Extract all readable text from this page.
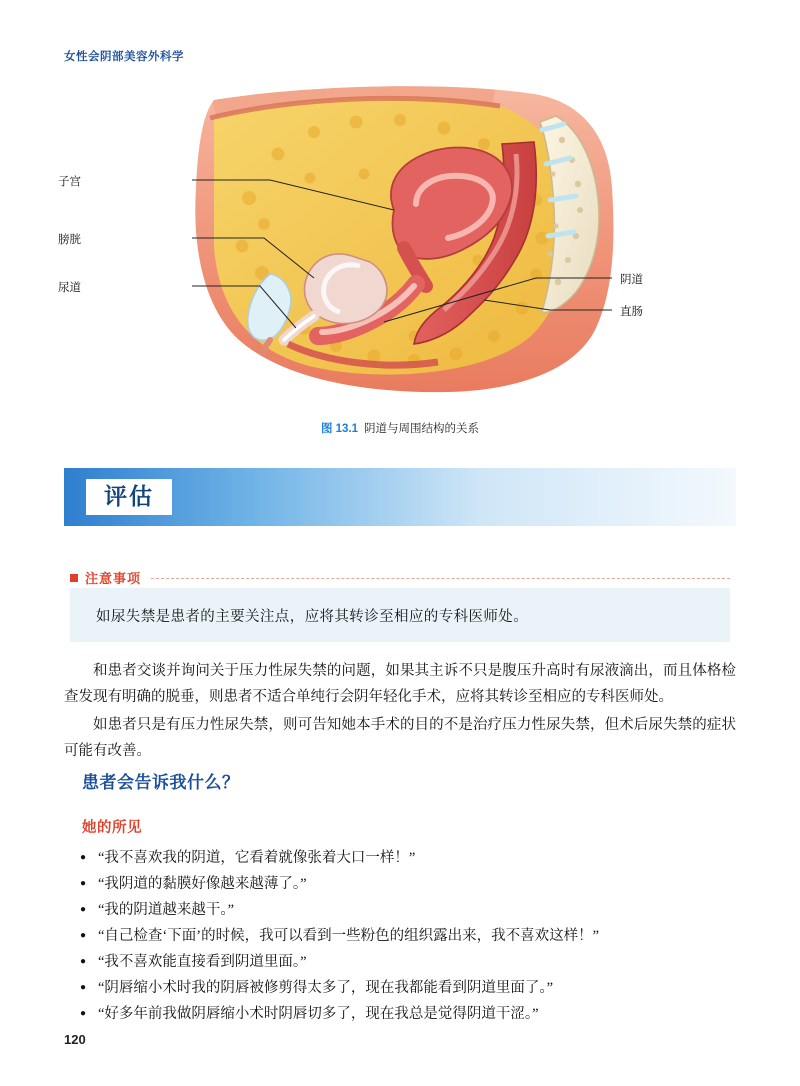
女性会阴部美容外科学
子宫
膀胱
尿道
阴道
直肠
图 13.1 阴道与周围结构的关系
评估
注意事项
如尿失禁是患者的主要关注点，应将其转诊至相应的专科医师处。
和患者交谈并询问关于压力性尿失禁的问题，如果其主诉不只是腹压升高时有尿液滴出，而且体格检查发现有明确的脱垂，则患者不适合单纯行会阴年轻化手术，应将其转诊至相应的专科医师处。
如患者只是有压力性尿失禁，则可告知她本手术的目的不是治疗压力性尿失禁，但术后尿失禁的症状可能有改善。
患者会告诉我什么？
她的所见
● “我不喜欢我的阴道，它看着就像张着大口一样！”
● “我阴道的黏膜好像越来越薄了。”
● “我的阴道越来越干。”
● “自己检查‘下面’的时候，我可以看到一些粉色的组织露出来，我不喜欢这样！”
● “我不喜欢能直接看到阴道里面。”
● “阴唇缩小术时我的阴唇被修剪得太多了，现在我都能看到阴道里面了。”
● “好多年前我做阴唇缩小术时阴唇切多了，现在我总是觉得阴道干涩。”
120
